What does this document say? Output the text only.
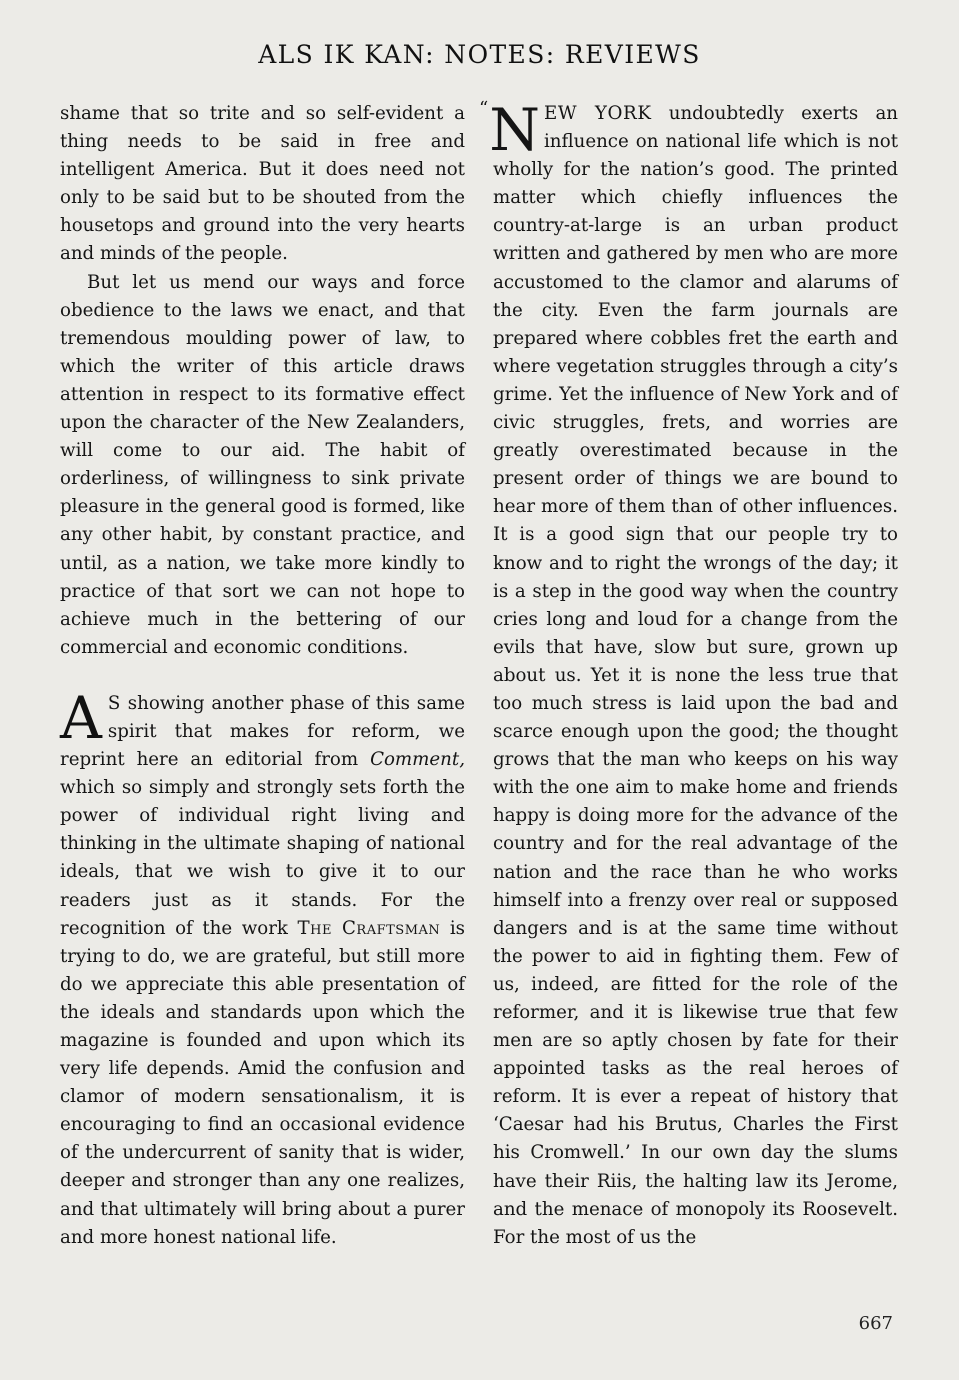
ALS IK KAN: NOTES: REVIEWS

shame that so trite and so self-evident a thing needs to be said in free and intelligent America. But it does need not only to be said but to be shouted from the housetops and ground into the very hearts and minds of the people.

But let us mend our ways and force obedience to the laws we enact, and that tremendous moulding power of law, to which the writer of this article draws attention in respect to its formative effect upon the character of the New Zealanders, will come to our aid. The habit of orderliness, of willingness to sink private pleasure in the general good is formed, like any other habit, by constant practice, and until, as a nation, we take more kindly to practice of that sort we can not hope to achieve much in the bettering of our commercial and economic conditions.

A S showing another phase of this same spirit that makes for reform, we reprint here an editorial from Comment, which so simply and strongly sets forth the power of individual right living and thinking in the ultimate shaping of national ideals, that we wish to give it to our readers just as it stands. For the recognition of the work The Craftsman is trying to do, we are grateful, but still more do we appreciate this able presentation of the ideals and standards upon which the magazine is founded and upon which its very life depends. Amid the confusion and clamor of modern sensationalism, it is encouraging to find an occasional evidence of the undercurrent of sanity that is wider, deeper and stronger than any one realizes, and that ultimately will bring about a purer and more honest national life.

“N EW YORK undoubtedly exerts an influence on national life which is not wholly for the nation’s good. The printed matter which chiefly influences the country-at-large is an urban product written and gathered by men who are more accustomed to the clamor and alarums of the city. Even the farm journals are prepared where cobbles fret the earth and where vegetation struggles through a city’s grime. Yet the influence of New York and of civic struggles, frets, and worries are greatly overestimated because in the present order of things we are bound to hear more of them than of other influences. It is a good sign that our people try to know and to right the wrongs of the day; it is a step in the good way when the country cries long and loud for a change from the evils that have, slow but sure, grown up about us. Yet it is none the less true that too much stress is laid upon the bad and scarce enough upon the good; the thought grows that the man who keeps on his way with the one aim to make home and friends happy is doing more for the advance of the country and for the real advantage of the nation and the race than he who works himself into a frenzy over real or supposed dangers and is at the same time without the power to aid in fighting them. Few of us, indeed, are fitted for the role of the reformer, and it is likewise true that few men are so aptly chosen by fate for their appointed tasks as the real heroes of reform. It is ever a repeat of history that ‘Caesar had his Brutus, Charles the First his Cromwell.’ In our own day the slums have their Riis, the halting law its Jerome, and the menace of monopoly its Roosevelt. For the most of us the

667
